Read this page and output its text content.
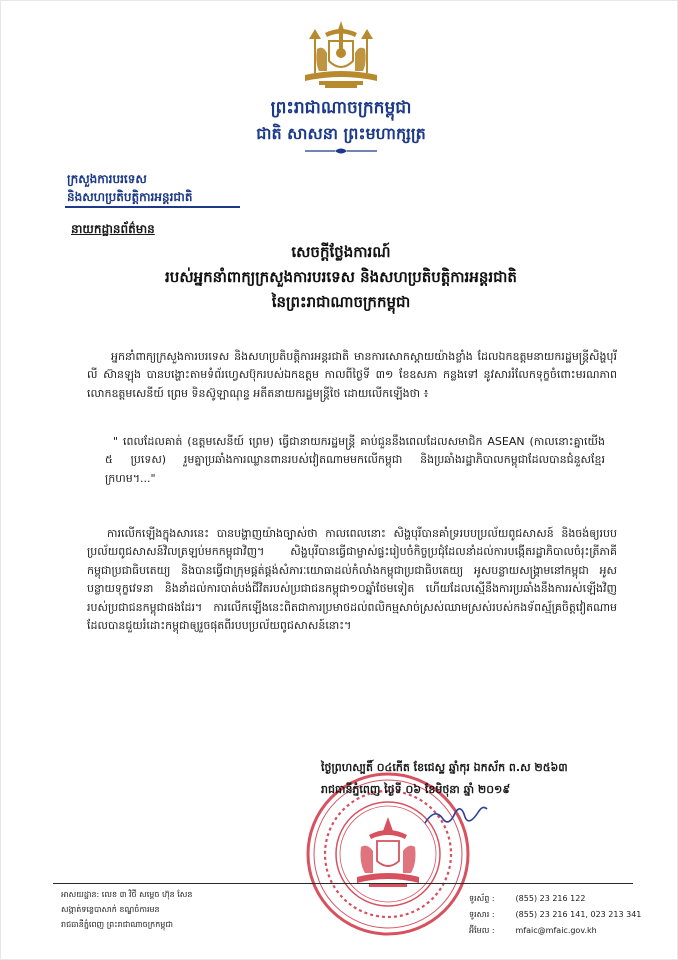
ព្រះរាជាណាចក្រកម្ពុជា
ជាតិ សាសនា ព្រះមហាក្សត្រ
ក្រសួងការបរទេស
និងសហប្រតិបត្តិការអន្តរជាតិ
នាយកដ្ឋានព័ត៌មាន
សេចក្តីថ្លែងការណ៍
របស់អ្នកនាំពាក្យក្រសួងការបរទេស និងសហប្រតិបត្តិការអន្តរជាតិ
នៃព្រះរាជាណាចក្រកម្ពុជា
អ្នកនាំពាក្យក្រសួងការបរទេស និងសហប្រតិបត្តិការអន្តរជាតិ មានការសោកស្តាយយ៉ាងខ្លាំង ដែលឯកឧត្តមនាយករដ្ឋមន្ត្រីសិង្ហបុរី លី ស៊ានឡុង បានបង្ហោះតាមទំព័រហ្វេសប៊ុករបស់ឯកឧត្តម កាលពីថ្ងៃទី ៣១ ខែឧសភា កន្លងទៅ នូវសាររំលែកទុក្ខចំពោះមរណភាពលោកឧត្តមសេនីយ៍ ព្រេម ទិនស៊ូឡាណុន្ទ អតីតនាយករដ្ឋមន្ត្រីថៃ ដោយលើកឡើងថា ៖
" ពេលដែលគាត់ (ឧត្តមសេនីយ៍ ព្រេម) ធ្វើជានាយករដ្ឋមន្ត្រី គាប់ជួននឹងពេលដែលសមាជិក ASEAN (កាលនោះគ្នាយើង ៥ ប្រទេស) រួមគ្នាប្រឆាំងការឈ្លានពានរបស់វៀតណាមមកលើកម្ពុជា និងប្រឆាំងរដ្ឋាភិបាលកម្ពុជាដែលបានជំនួសខ្មែរក្រហម។..."
ការលើកឡើងក្នុងសារនេះ បានបង្ហាញយ៉ាងច្បាស់ថា កាលពេលនោះ សិង្ហបុរីបានគាំទ្ររបបប្រល័យពូជសាសន៍ និងចង់ឲ្យរបបប្រល័យពូជសាសន៍វិលត្រឡប់មកកម្ពុជាវិញ។ សិង្ហបុរីបានធ្វើជាម្ចាស់ផ្ទះរៀបចំកិច្ចប្រជុំដែលនាំដល់ការបង្កើតរដ្ឋាភិបាលចំរុះត្រីភាគីកម្ពុជាប្រជាធិបតេយ្យ និងបានធ្វើជាក្រុមផ្គត់ផ្គង់សំភារៈយោធាដល់កំលាំងកម្ពុជាប្រជាធិបតេយ្យ អូសបន្លាយសង្គ្រាមនៅកម្ពុជា អូសបន្លាយទុក្ខវេទនា និងនាំដល់ការបាត់បង់ជីវិតរបស់ប្រជាជនកម្ពុជា១០ឆ្នាំថែមទៀត ហើយដែលស្មើនឹងការប្រឆាំងនឹងការរស់ឡើងវិញរបស់ប្រជាជនកម្ពុជាផងដែរ។ ការលើកឡើងនេះពិតជាការប្រមាថដល់ពលិកម្មសាច់ស្រស់ឈាមស្រស់របស់កងទ័ពស្ម័គ្រចិត្តវៀតណាម ដែលបានជួយរំដោះកម្ពុជាឲ្យរួចផុតពីរបបប្រល័យពូជសាសន៍នោះ។
ថ្ងៃព្រហស្បតិ៍ ០៤កើត ខែជេស្ឋ ឆ្នាំកុរ ឯកស័ក ព.ស ២៥៦៣
រាជធានីភ្នំពេញ ថ្ងៃទី ០៦ ខែមិថុនា ឆ្នាំ ២០១៩
អាសយដ្ឋាន: លេខ ៣ វិថី សម្តេច ហ៊ុន សែន
សង្កាត់ទន្លេបាសាក់ ខណ្ឌចំការមន
រាជធានីភ្នំពេញ ព្រះរាជាណាចក្រកម្ពុជា
ទូរស័ព្ទ :	(855) 23 216 122
ទូរសារ :	(855) 23 216 141, 023 213 341
អ៊ីមែល :	mfaic@mfaic.gov.kh
